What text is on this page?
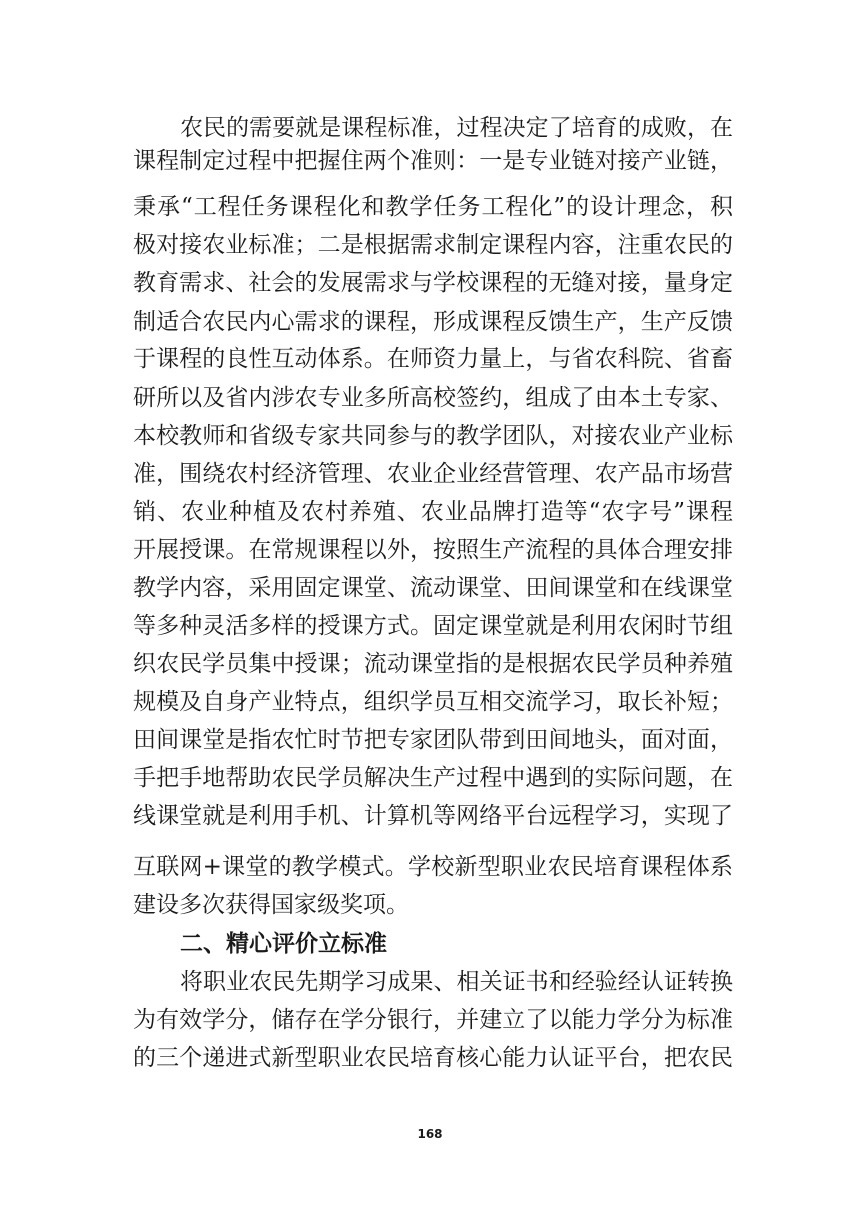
农民的需要就是课程标准，过程决定了培育的成败，在
课程制定过程中把握住两个准则：一是专业链对接产业链，
秉承“工程任务课程化和教学任务工程化”的设计理念，积
极对接农业标准；二是根据需求制定课程内容，注重农民的
教育需求、社会的发展需求与学校课程的无缝对接，量身定
制适合农民内心需求的课程，形成课程反馈生产，生产反馈
于课程的良性互动体系。在师资力量上，与省农科院、省畜
研所以及省内涉农专业多所高校签约，组成了由本土专家、
本校教师和省级专家共同参与的教学团队，对接农业产业标
准，围绕农村经济管理、农业企业经营管理、农产品市场营
销、农业种植及农村养殖、农业品牌打造等“农字号”课程
开展授课。在常规课程以外，按照生产流程的具体合理安排
教学内容，采用固定课堂、流动课堂、田间课堂和在线课堂
等多种灵活多样的授课方式。固定课堂就是利用农闲时节组
织农民学员集中授课；流动课堂指的是根据农民学员种养殖
规模及自身产业特点，组织学员互相交流学习，取长补短；
田间课堂是指农忙时节把专家团队带到田间地头，面对面，
手把手地帮助农民学员解决生产过程中遇到的实际问题，在
线课堂就是利用手机、计算机等网络平台远程学习，实现了
互联网+课堂的教学模式。学校新型职业农民培育课程体系
建设多次获得国家级奖项。
二、精心评价立标准
将职业农民先期学习成果、相关证书和经验经认证转换
为有效学分，储存在学分银行，并建立了以能力学分为标准
的三个递进式新型职业农民培育核心能力认证平台，把农民
168
